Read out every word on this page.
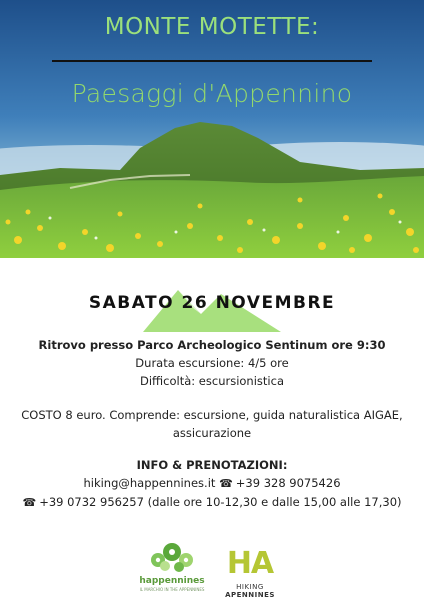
MONTE MOTETTE:
Paesaggi d'Appennino
SABATO 26 NOVEMBRE
Ritrovo presso Parco Archeologico Sentinum ore 9:30
Durata escursione: 4/5 ore
Difficoltà: escursionistica
COSTO 8 euro. Comprende: escursione, guida naturalistica AIGAE,
assicurazione
INFO & PRENOTAZIONI:
hiking@happennines.it ☎ +39 328 9075426
☎ +39 0732 956257 (dalle ore 10-12,30 e dalle 15,00 alle 17,30)
happennines
IL MARCHIO IN THE APPENNINES
HA
HIKING APENNINES
